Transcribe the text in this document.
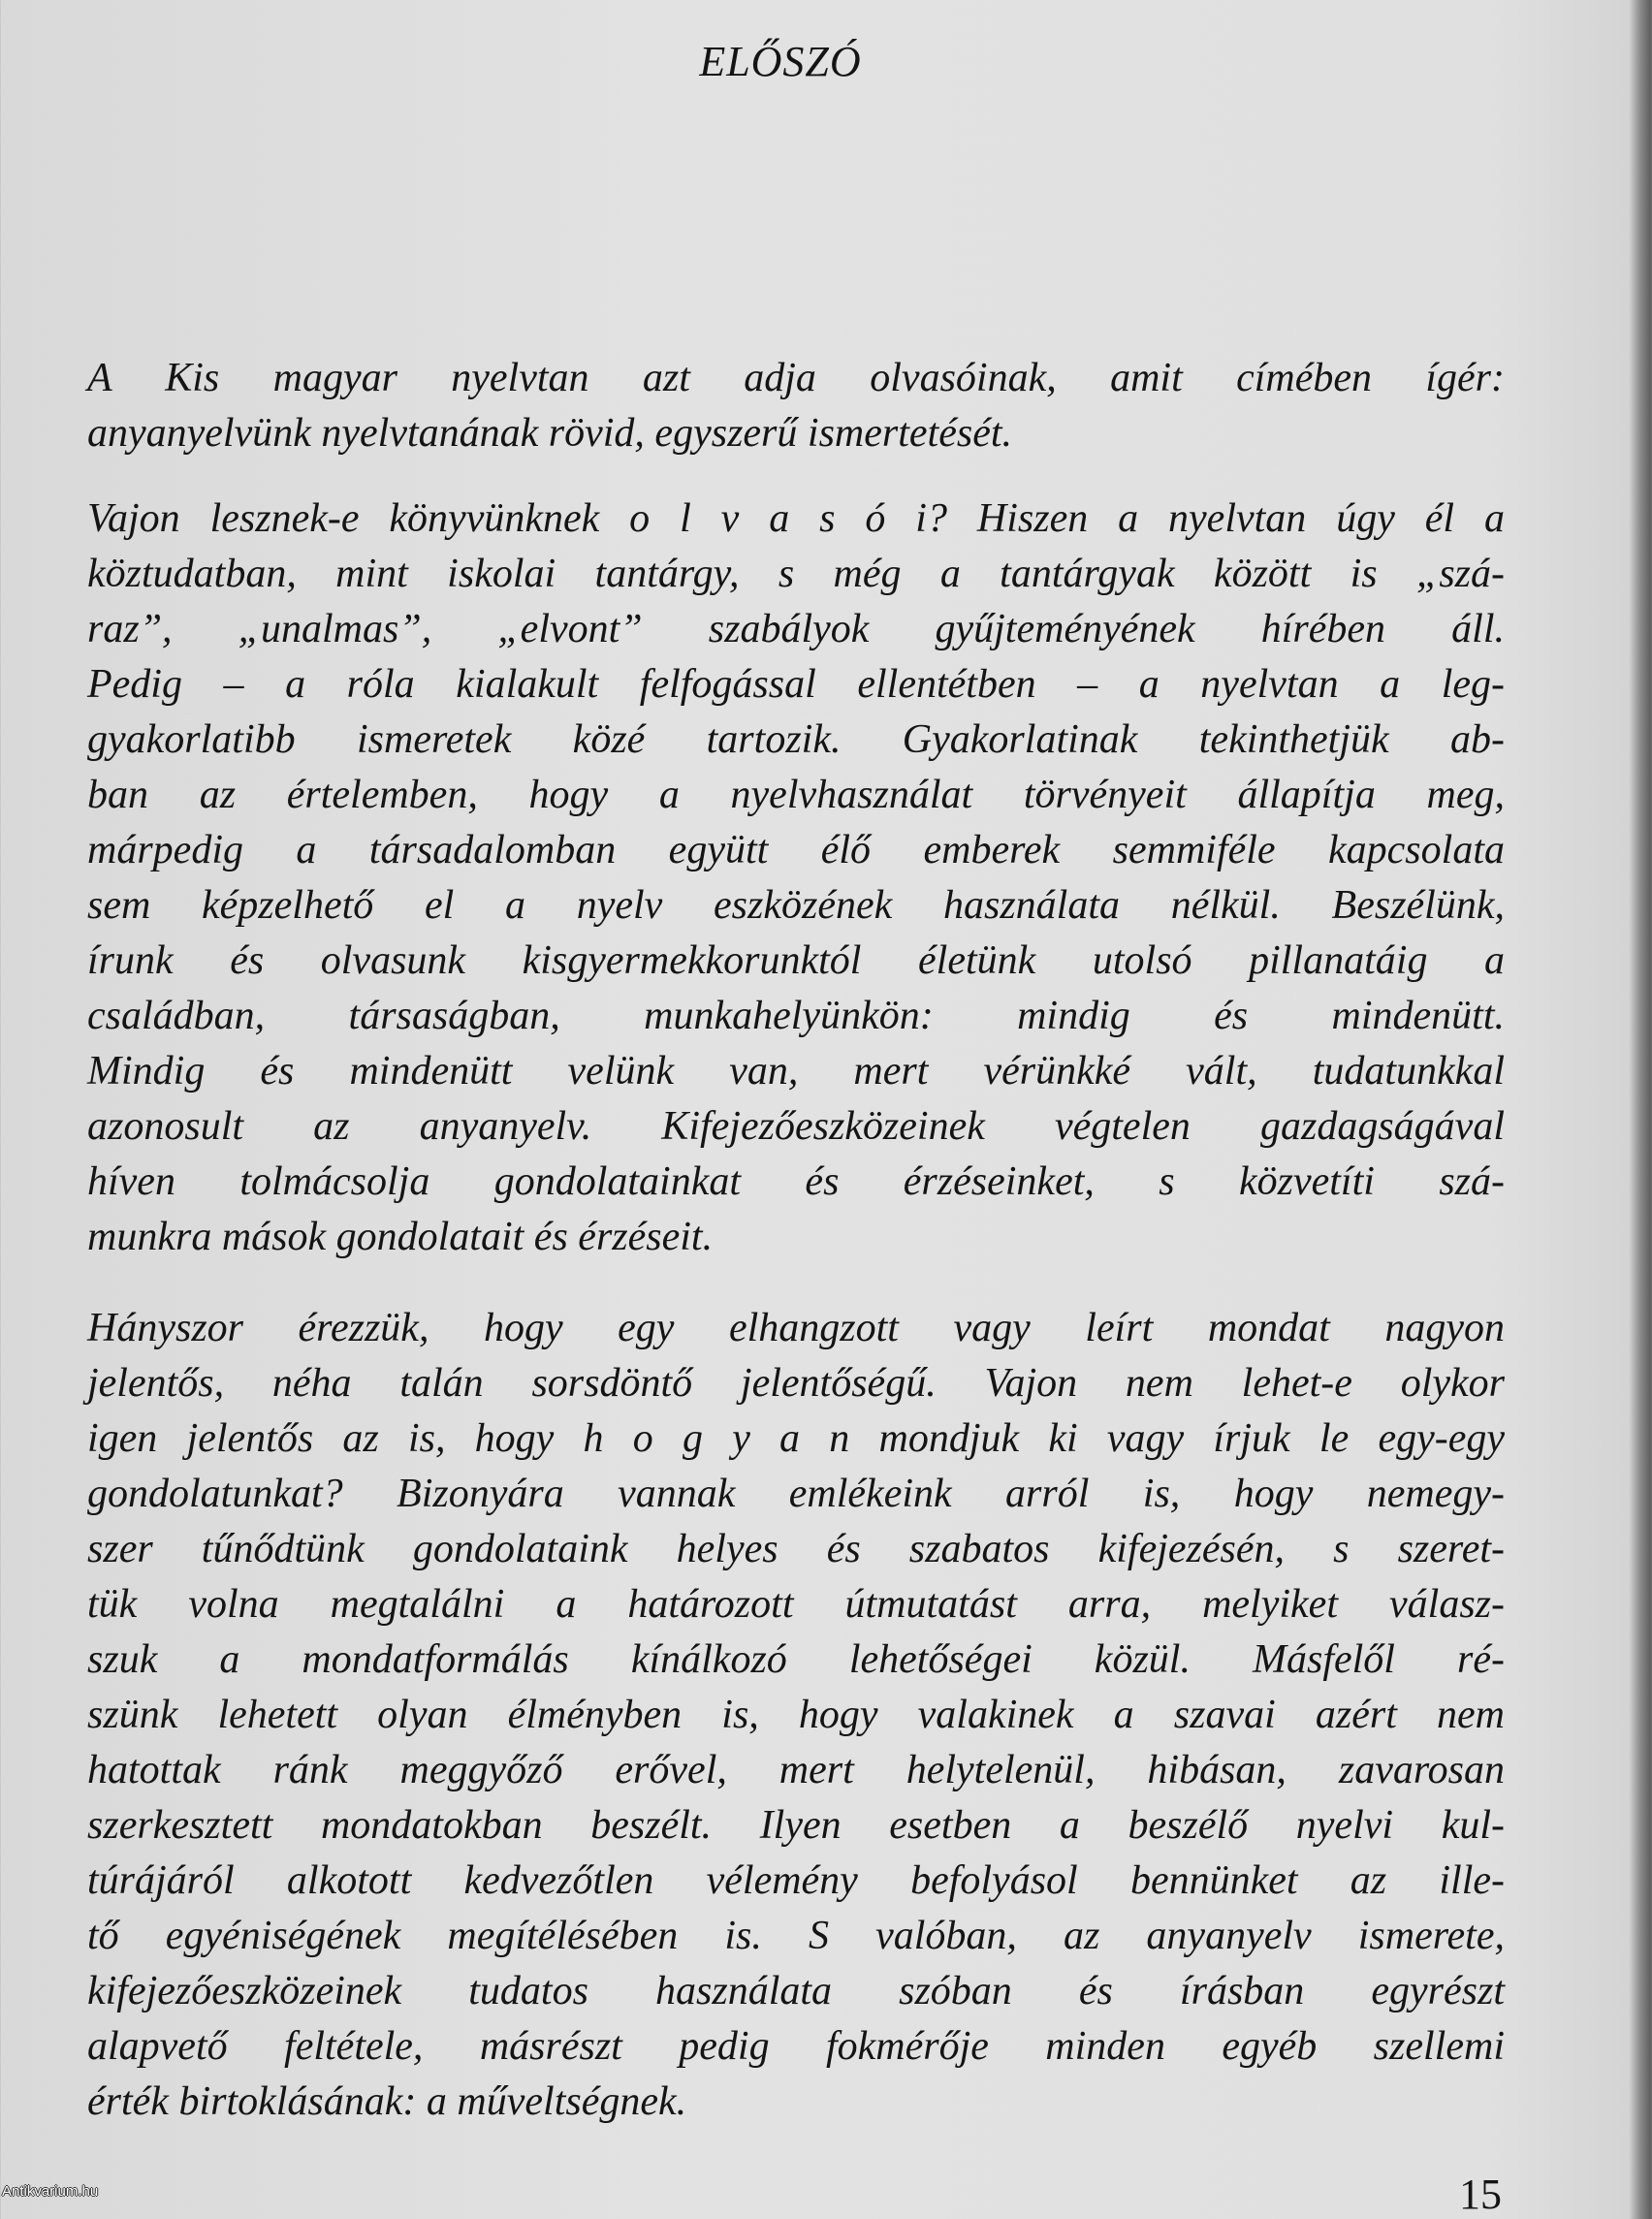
ELŐSZÓ
A Kis magyar nyelvtan azt adja olvasóinak, amit címében ígér:
anyanyelvünk nyelvtanának rövid, egyszerű ismertetését.
Vajon lesznek-e könyvünknek o l v a s ó i? Hiszen a nyelvtan úgy él a
köztudatban, mint iskolai tantárgy, s még a tantárgyak között is „szá-
raz”, „unalmas”, „elvont” szabályok gyűjteményének hírében áll.
Pedig – a róla kialakult felfogással ellentétben – a nyelvtan a leg-
gyakorlatibb ismeretek közé tartozik. Gyakorlatinak tekinthetjük ab-
ban az értelemben, hogy a nyelvhasználat törvényeit állapítja meg,
márpedig a társadalomban együtt élő emberek semmiféle kapcsolata
sem képzelhető el a nyelv eszközének használata nélkül. Beszélünk,
írunk és olvasunk kisgyermekkorunktól életünk utolsó pillanatáig a
családban, társaságban, munkahelyünkön: mindig és mindenütt.
Mindig és mindenütt velünk van, mert vérünkké vált, tudatunkkal
azonosult az anyanyelv. Kifejezőeszközeinek végtelen gazdagságával
híven tolmácsolja gondolatainkat és érzéseinket, s közvetíti szá-
munkra mások gondolatait és érzéseit.
Hányszor érezzük, hogy egy elhangzott vagy leírt mondat nagyon
jelentős, néha talán sorsdöntő jelentőségű. Vajon nem lehet-e olykor
igen jelentős az is, hogy h o g y a n mondjuk ki vagy írjuk le egy-egy
gondolatunkat? Bizonyára vannak emlékeink arról is, hogy nemegy-
szer tűnődtünk gondolataink helyes és szabatos kifejezésén, s szeret-
tük volna megtalálni a határozott útmutatást arra, melyiket válasz-
szuk a mondatformálás kínálkozó lehetőségei közül. Másfelől ré-
szünk lehetett olyan élményben is, hogy valakinek a szavai azért nem
hatottak ránk meggyőző erővel, mert helytelenül, hibásan, zavarosan
szerkesztett mondatokban beszélt. Ilyen esetben a beszélő nyelvi kul-
túrájáról alkotott kedvezőtlen vélemény befolyásol bennünket az ille-
tő egyéniségének megítélésében is. S valóban, az anyanyelv ismerete,
kifejezőeszközeinek tudatos használata szóban és írásban egyrészt
alapvető feltétele, másrészt pedig fokmérője minden egyéb szellemi
érték birtoklásának: a műveltségnek.
15
Antikvarium.hu
